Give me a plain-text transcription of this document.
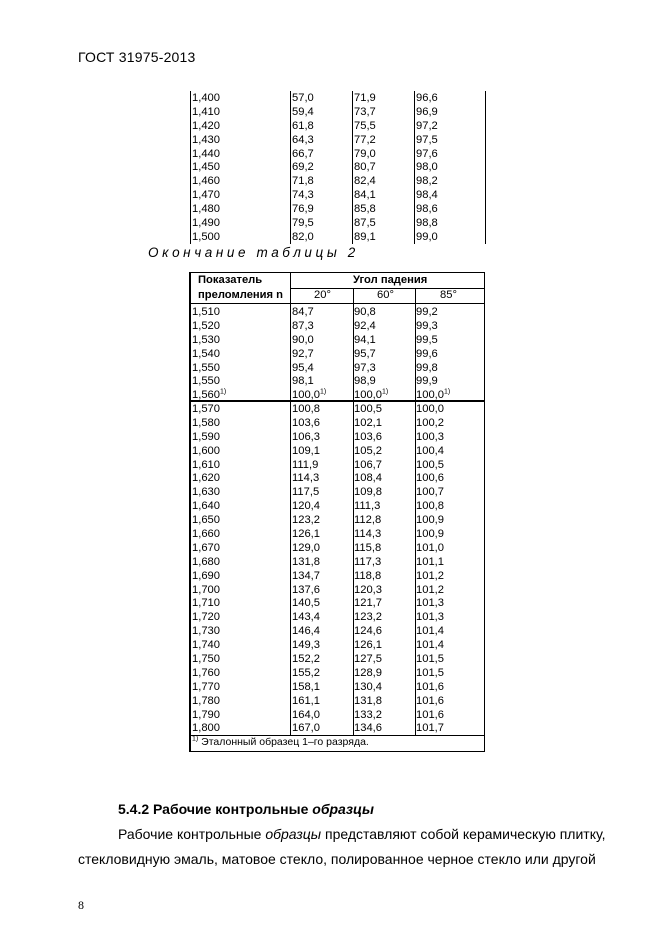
ГОСТ 31975-2013
1,400	57,0	71,9	96,6
1,410	59,4	73,7	96,9
1,420	61,8	75,5	97,2
1,430	64,3	77,2	97,5
1,440	66,7	79,0	97,6
1,450	69,2	80,7	98,0
1,460	71,8	82,4	98,2
1,470	74,3	84,1	98,4
1,480	76,9	85,8	98,6
1,490	79,5	87,5	98,8
1,500	82,0	89,1	99,0
Окончание таблицы 2
Показатель
преломления n
Угол падения
20°	60°	85°
1,510	84,7	90,8	99,2
1,520	87,3	92,4	99,3
1,530	90,0	94,1	99,5
1,540	92,7	95,7	99,6
1,550	95,4	97,3	99,8
1,550	98,1	98,9	99,9
1,560$^{1)}$	100,0$^{1)}$ 100,0$^{1)}$ 100,0$^{1)}$
1,570	100,8	100,5	100,0
1,580	103,6	102,1	100,2
1,590	106,3	103,6	100,3
1,600	109,1	105,2	100,4
1,610	111,9	106,7	100,5
1,620	114,3	108,4	100,6
1,630	117,5	109,8	100,7
1,640	120,4	111,3	100,8
1,650	123,2	112,8	100,9
1,660	126,1	114,3	100,9
1,670	129,0	115,8	101,0
1,680	131,8	117,3	101,1
1,690	134,7	118,8	101,2
1,700	137,6	120,3	101,2
1,710	140,5	121,7	101,3
1,720	143,4	123,2	101,3
1,730	146,4	124,6	101,4
1,740	149,3	126,1	101,4
1,750	152,2	127,5	101,5
1,760	155,2	128,9	101,5
1,770	158,1	130,4	101,6
1,780	161,1	131,8	101,6
1,790	164,0	133,2	101,6
1,800	167,0	134,6	101,7
$^{1)}$ Эталонный образец 1–го разряда.
5.4.2 Рабочие контрольные образцы
Рабочие контрольные образцы представляют собой керамическую плитку,
стекловидную эмаль, матовое стекло, полированное черное стекло или другой
8
